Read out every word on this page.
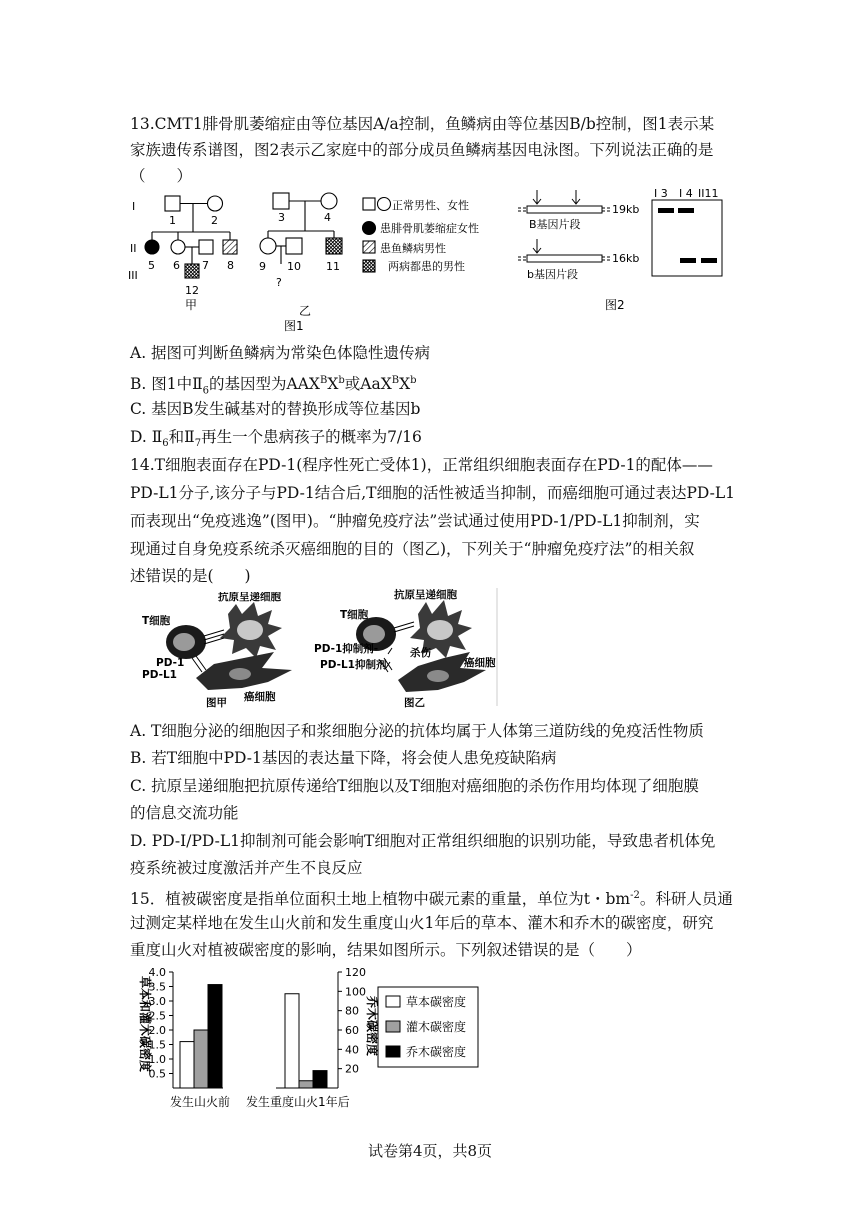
13.CMT1腓骨肌萎缩症由等位基因A/a控制，鱼鳞病由等位基因B/b控制，图1表示某
家族遗传系谱图，图2表示乙家庭中的部分成员鱼鳞病基因电泳图。下列说法正确的是
（　　）
I
II
III
1	2	3	4
5 6 7 8 9 10 11
12
?
甲	乙
图1
正常男性、女性
患腓骨肌萎缩症女性
患鱼鳞病男性
两病都患的男性
B基因片段
b基因片段
19kb
16kb
I 3 I 4 II11
图2
A. 据图可判断鱼鳞病为常染色体隐性遗传病
B. 图1中$Ⅱ_6$的基因型为$AAX^BX^b$或$AaX^BX^b$
C. 基因B发生碱基对的替换形成等位基因b
D. $Ⅱ_6$和$Ⅱ_7$再生一个患病孩子的概率为7/16
14.T细胞表面存在PD-1(程序性死亡受体1)，正常组织细胞表面存在PD-1的配体——
PD-L1分子,该分子与PD-1结合后,T细胞的活性被适当抑制，而癌细胞可通过表达PD-L1
而表现出“免疫逃逸”(图甲)。“肿瘤免疫疗法”尝试通过使用PD-1/PD-L1抑制剂，实
现通过自身免疫系统杀灭癌细胞的目的（图乙)，下列关于“肿瘤免疫疗法”的相关叙
述错误的是(　　)
抗原呈递细胞
T细胞
PD-1
PD-L1
癌细胞
图甲
抗原呈递细胞
T细胞
PD-1抑制剂-
PD-L1抑制剂
杀伤
癌细胞
图乙
A. T细胞分泌的细胞因子和浆细胞分泌的抗体均属于人体第三道防线的免疫活性物质
B. 若T细胞中PD-1基因的表达量下降，将会使人患免疫缺陷病
C. 抗原呈递细胞把抗原传递给T细胞以及T细胞对癌细胞的杀伤作用均体现了细胞膜
的信息交流功能
D. PD-I/PD-L1抑制剂可能会影响T细胞对正常组织细胞的识别功能，导致患者机体免
疫系统被过度激活并产生不良反应
15．植被碳密度是指单位面积土地上植物中碳元素的重量，单位为t・$bm^{-2}$。科研人员通
过测定某样地在发生山火前和发生重度山火1年后的草本、灌木和乔木的碳密度，研究
重度山火对植被碳密度的影响，结果如图所示。下列叙述错误的是（　　）
草本和灌木碳密度	乔木碳密度
发生山火前 发生重度山火1年后
草本碳密度
灌木碳密度
乔木碳密度
0.5
1.0
1.5
2.0
2.5
3.0
3.5
4.0
20
40
60
80
100
120
试卷第4页，共8页
